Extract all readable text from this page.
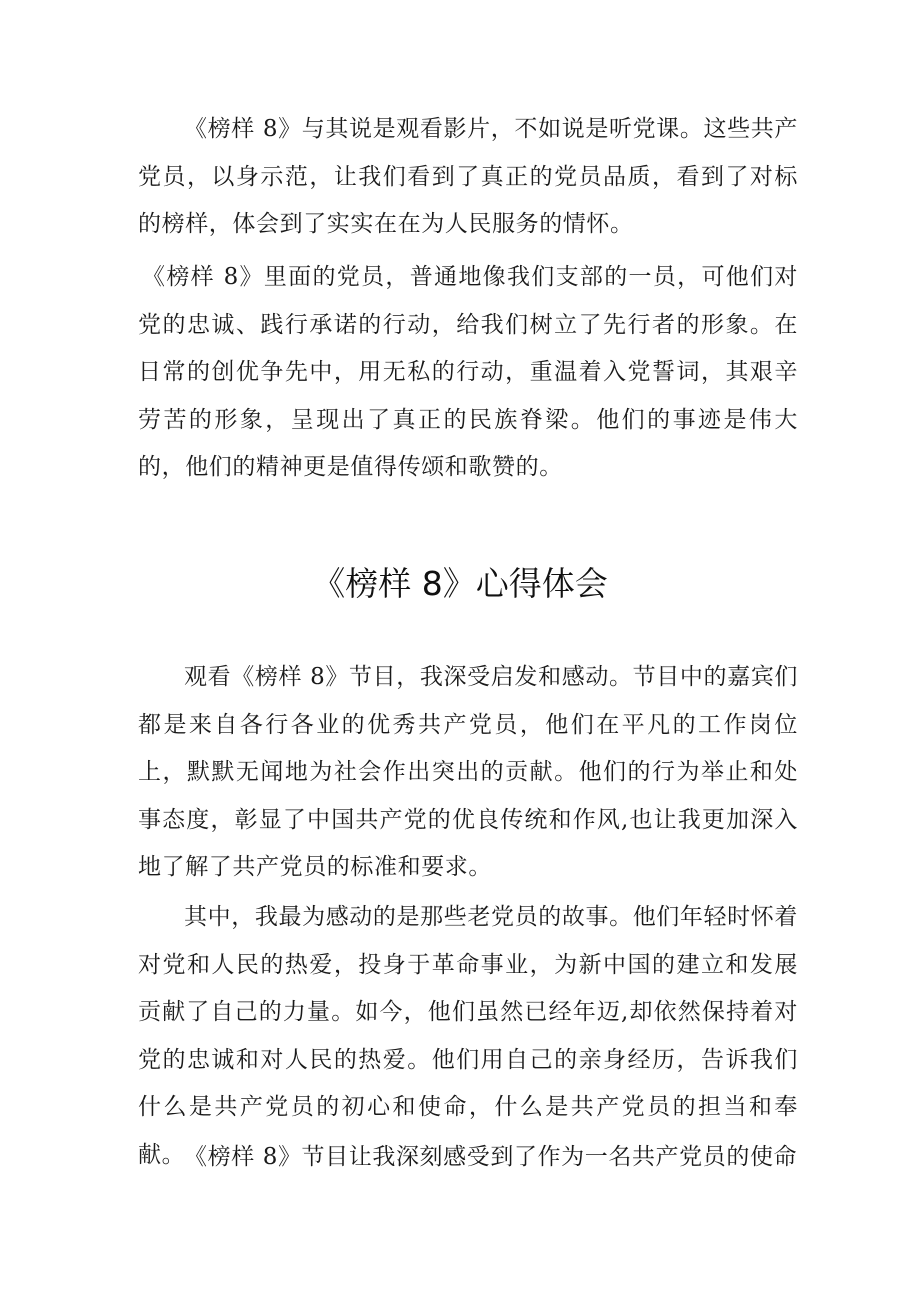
《榜样 8》与其说是观看影片，不如说是听党课。这些共产党员，以身示范，让我们看到了真正的党员品质，看到了对标的榜样，体会到了实实在在为人民服务的情怀。

《榜样 8》里面的党员，普通地像我们支部的一员，可他们对党的忠诚、践行承诺的行动，给我们树立了先行者的形象。在日常的创优争先中，用无私的行动，重温着入党誓词，其艰辛劳苦的形象，呈现出了真正的民族脊梁。他们的事迹是伟大的，他们的精神更是值得传颂和歌赞的。

《榜样 8》心得体会

观看《榜样 8》节目，我深受启发和感动。节目中的嘉宾们都是来自各行各业的优秀共产党员，他们在平凡的工作岗位上，默默无闻地为社会作出突出的贡献。他们的行为举止和处事态度，彰显了中国共产党的优良传统和作风,也让我更加深入地了解了共产党员的标准和要求。

其中，我最为感动的是那些老党员的故事。他们年轻时怀着对党和人民的热爱，投身于革命事业，为新中国的建立和发展贡献了自己的力量。如今，他们虽然已经年迈,却依然保持着对党的忠诚和对人民的热爱。他们用自己的亲身经历，告诉我们什么是共产党员的初心和使命，什么是共产党员的担当和奉献。

《榜样 8》节目让我深刻感受到了作为一名共产党员的使命
